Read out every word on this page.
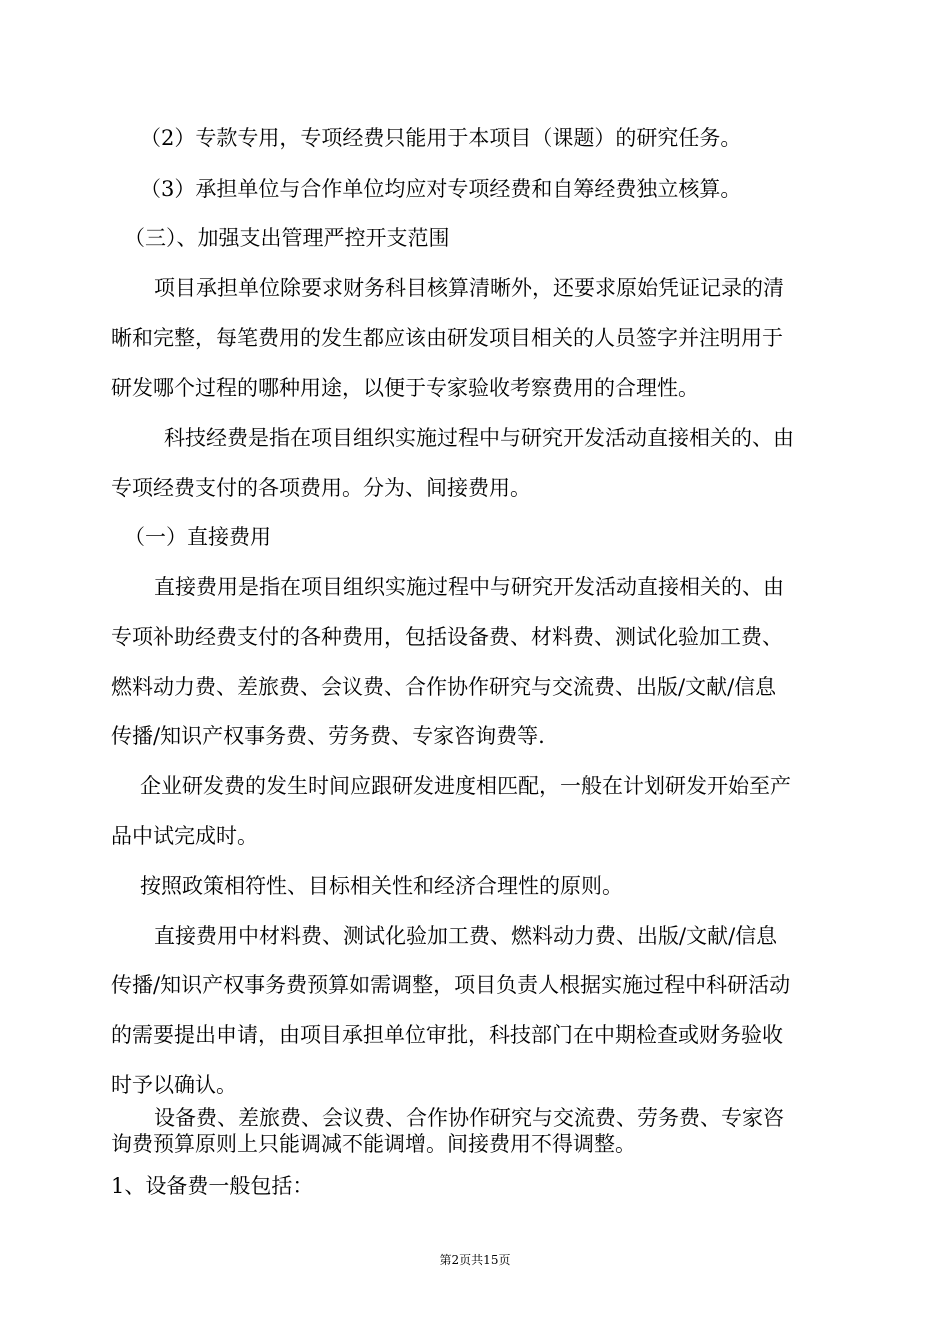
（2）专款专用，专项经费只能用于本项目（课题）的研究任务。
（3）承担单位与合作单位均应对专项经费和自筹经费独立核算。
（三）、加强支出管理严控开支范围
项目承担单位除要求财务科目核算清晰外，还要求原始凭证记录的清
晰和完整，每笔费用的发生都应该由研发项目相关的人员签字并注明用于
研发哪个过程的哪种用途，以便于专家验收考察费用的合理性。
科技经费是指在项目组织实施过程中与研究开发活动直接相关的、由
专项经费支付的各项费用。分为、间接费用。
（一）直接费用
直接费用是指在项目组织实施过程中与研究开发活动直接相关的、由
专项补助经费支付的各种费用，包括设备费、材料费、测试化验加工费、
燃料动力费、差旅费、会议费、合作协作研究与交流费、出版/文献/信息
传播/知识产权事务费、劳务费、专家咨询费等.
企业研发费的发生时间应跟研发进度相匹配，一般在计划研发开始至产
品中试完成时。
按照政策相符性、目标相关性和经济合理性的原则。
直接费用中材料费、测试化验加工费、燃料动力费、出版/文献/信息
传播/知识产权事务费预算如需调整，项目负责人根据实施过程中科研活动
的需要提出申请，由项目承担单位审批，科技部门在中期检查或财务验收
时予以确认。
设备费、差旅费、会议费、合作协作研究与交流费、劳务费、专家咨
询费预算原则上只能调减不能调增。间接费用不得调整。
1、设备费一般包括：
第2页共15页
